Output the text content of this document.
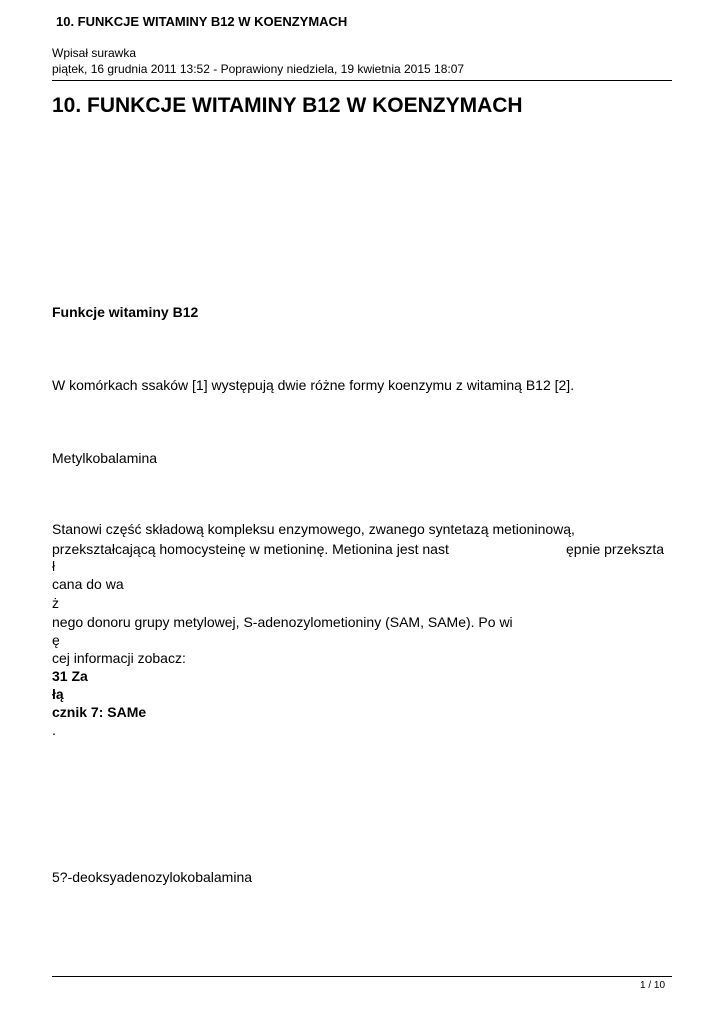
10. FUNKCJE WITAMINY B12 W KOENZYMACH
Wpisał surawka
piątek, 16 grudnia 2011 13:52 - Poprawiony niedziela, 19 kwietnia 2015 18:07
10. FUNKCJE WITAMINY B12 W KOENZYMACH
Funkcje witaminy B12
W komórkach ssaków [1] występują dwie różne formy koenzymu z witaminą B12 [2].
Metylkobalamina
Stanowi część składową kompleksu enzymowego, zwanego syntetazą metioninową,
przekształcającą homocysteinę w metioninę. Metionina jest nast	ępnie przekszta
ł
cana do wa
ż
nego donoru grupy metylowej, S-adenozylometioniny (SAM, SAMe). Po wi
ę
cej informacji zobacz:
31 Za
łą
cznik 7: SAMe
.
5?-deoksyadenozylokobalamina
1 / 10
